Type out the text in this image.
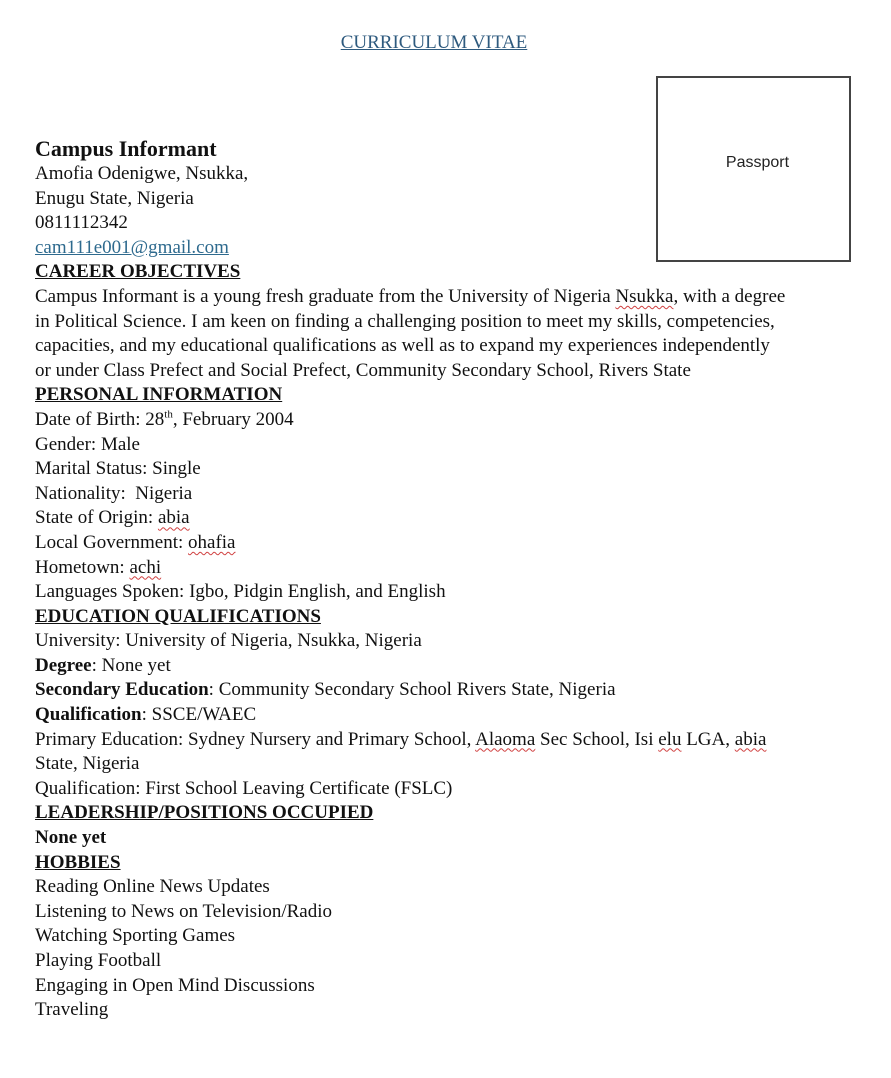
CURRICULUM VITAE
Passport
Campus Informant
Amofia Odenigwe, Nsukka,
Enugu State, Nigeria
0811112342
cam111e001@gmail.com
CAREER OBJECTIVES
Campus Informant is a young fresh graduate from the University of Nigeria Nsukka, with a degree
in Political Science. I am keen on finding a challenging position to meet my skills, competencies,
capacities, and my educational qualifications as well as to expand my experiences independently
or under Class Prefect and Social Prefect, Community Secondary School, Rivers State
PERSONAL INFORMATION
Date of Birth: 28th, February 2004
Gender: Male
Marital Status: Single
Nationality:  Nigeria
State of Origin: abia
Local Government: ohafia
Hometown: achi
Languages Spoken: Igbo, Pidgin English, and English
EDUCATION QUALIFICATIONS
University: University of Nigeria, Nsukka, Nigeria
Degree: None yet
Secondary Education: Community Secondary School Rivers State, Nigeria
Qualification: SSCE/WAEC
Primary Education: Sydney Nursery and Primary School, Alaoma Sec School, Isi elu LGA, abia
State, Nigeria
Qualification: First School Leaving Certificate (FSLC)
LEADERSHIP/POSITIONS OCCUPIED
None yet
HOBBIES
Reading Online News Updates
Listening to News on Television/Radio
Watching Sporting Games
Playing Football
Engaging in Open Mind Discussions
Traveling
